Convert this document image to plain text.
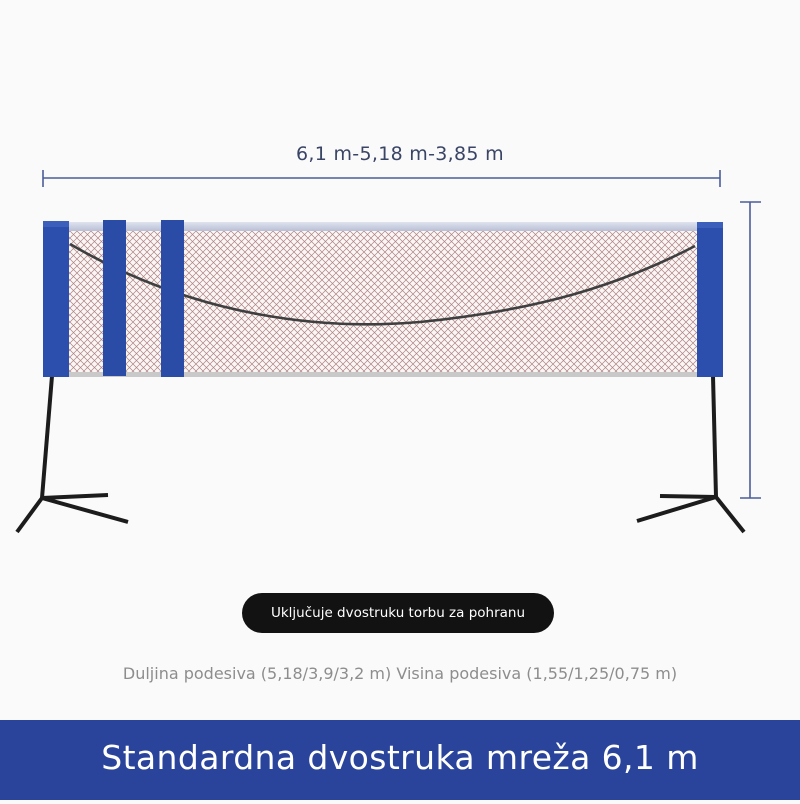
6,1 m-5,18 m-3,85 m
Uključuje dvostruku torbu za pohranu
Duljina podesiva (5,18/3,9/3,2 m) Visina podesiva (1,55/1,25/0,75 m)
Standardna dvostruka mreža 6,1 m
